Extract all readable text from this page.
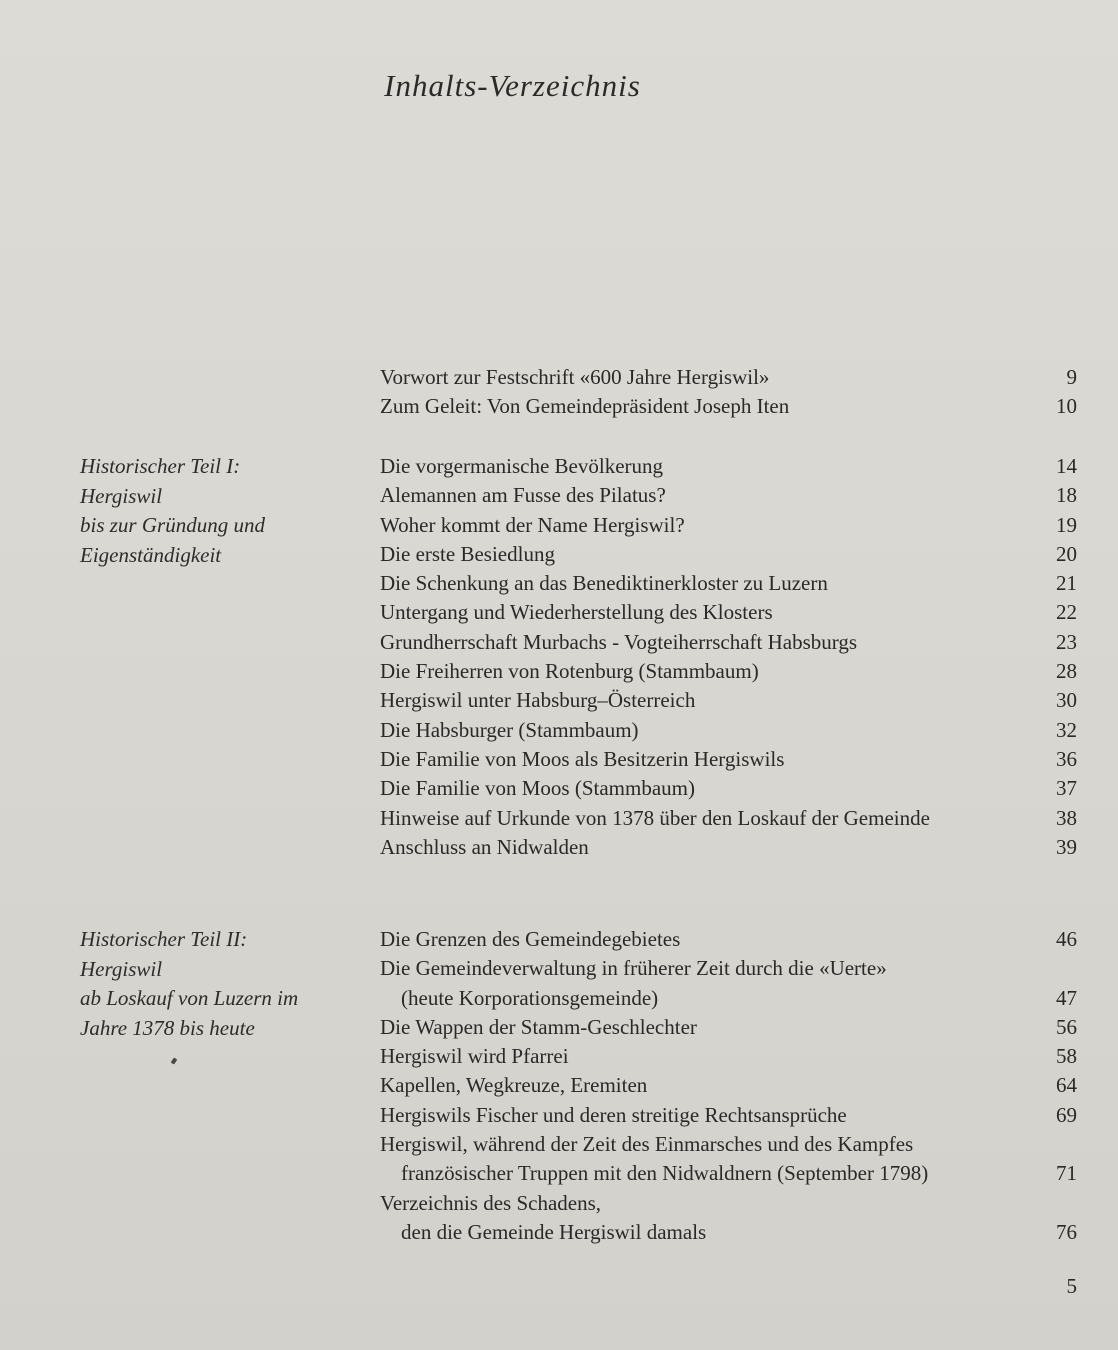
Inhalts-Verzeichnis
Vorwort zur Festschrift «600 Jahre Hergiswil»	9
Zum Geleit: Von Gemeindepräsident Joseph Iten	10
Historischer Teil I:
Hergiswil
bis zur Gründung und
Eigenständigkeit
Die vorgermanische Bevölkerung	14
Alemannen am Fusse des Pilatus?	18
Woher kommt der Name Hergiswil?	19
Die erste Besiedlung	20
Die Schenkung an das Benediktinerkloster zu Luzern	21
Untergang und Wiederherstellung des Klosters	22
Grundherrschaft Murbachs - Vogteiherrschaft Habsburgs	23
Die Freiherren von Rotenburg (Stammbaum)	28
Hergiswil unter Habsburg–Österreich	30
Die Habsburger (Stammbaum)	32
Die Familie von Moos als Besitzerin Hergiswils	36
Die Familie von Moos (Stammbaum)	37
Hinweise auf Urkunde von 1378 über den Loskauf der Gemeinde	38
Anschluss an Nidwalden	39
Historischer Teil II:
Hergiswil
ab Loskauf von Luzern im
Jahre 1378 bis heute
Die Grenzen des Gemeindegebietes	46
Die Gemeindeverwaltung in früherer Zeit durch die «Uerte»
(heute Korporationsgemeinde)	47
Die Wappen der Stamm-Geschlechter	56
Hergiswil wird Pfarrei	58
Kapellen, Wegkreuze, Eremiten	64
Hergiswils Fischer und deren streitige Rechtsansprüche	69
Hergiswil, während der Zeit des Einmarsches und des Kampfes
französischer Truppen mit den Nidwaldnern (September 1798)	71
Verzeichnis des Schadens,
den die Gemeinde Hergiswil damals	76
5
